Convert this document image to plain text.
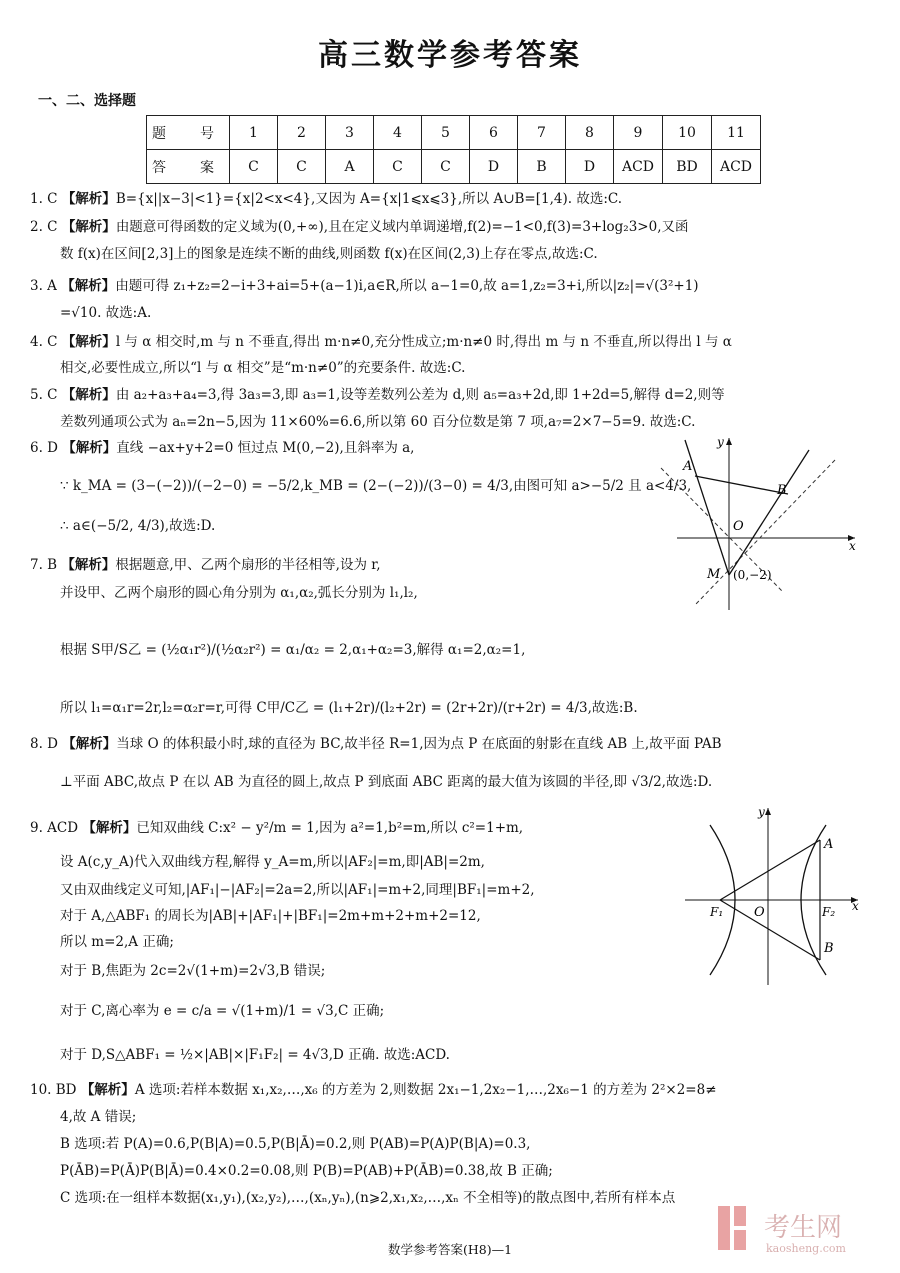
高三数学参考答案
一、二、选择题
题　号	1	2	3	4	5	6	7	8	9	10	11
答　案	C	C	A	C	C	D	B	D	ACD	BD	ACD
1. C 【解析】B={x||x−3|<1}={x|2<x<4},又因为 A={x|1⩽x⩽3},所以 A∪B=[1,4). 故选:C.
2. C 【解析】由题意可得函数的定义域为(0,+∞),且在定义域内单调递增,f(2)=−1<0,f(3)=3+log₂3>0,又函
数 f(x)在区间[2,3]上的图象是连续不断的曲线,则函数 f(x)在区间(2,3)上存在零点,故选:C.
3. A 【解析】由题可得 z₁+z₂=2−i+3+ai=5+(a−1)i,a∈R,所以 a−1=0,故 a=1,z₂=3+i,所以|z₂|=√(3²+1)
=√10. 故选:A.
4. C 【解析】l 与 α 相交时,m 与 n 不垂直,得出 m·n≠0,充分性成立;m·n≠0 时,得出 m 与 n 不垂直,所以得出 l 与 α
相交,必要性成立,所以“l 与 α 相交”是“m·n≠0”的充要条件. 故选:C.
5. C 【解析】由 a₂+a₃+a₄=3,得 3a₃=3,即 a₃=1,设等差数列公差为 d,则 a₅=a₃+2d,即 1+2d=5,解得 d=2,则等
差数列通项公式为 aₙ=2n−5,因为 11×60%=6.6,所以第 60 百分位数是第 7 项,a₇=2×7−5=9. 故选:C.
6. D 【解析】直线 −ax+y+2=0 恒过点 M(0,−2),且斜率为 a,
∵ k_MA = (3−(−2))/(−2−0) = −5/2,k_MB = (2−(−2))/(3−0) = 4/3,由图可知 a>−5/2 且 a<4/3,
∴ a∈(−5/2, 4/3),故选:D.
7. B 【解析】根据题意,甲、乙两个扇形的半径相等,设为 r,
并设甲、乙两个扇形的圆心角分别为 α₁,α₂,弧长分别为 l₁,l₂,
根据 S甲/S乙 = (½α₁r²)/(½α₂r²) = α₁/α₂ = 2,α₁+α₂=3,解得 α₁=2,α₂=1,
所以 l₁=α₁r=2r,l₂=α₂r=r,可得 C甲/C乙 = (l₁+2r)/(l₂+2r) = (2r+2r)/(r+2r) = 4/3,故选:B.
8. D 【解析】当球 O 的体积最小时,球的直径为 BC,故半径 R=1,因为点 P 在底面的射影在直线 AB 上,故平面 PAB
⊥平面 ABC,故点 P 在以 AB 为直径的圆上,故点 P 到底面 ABC 距离的最大值为该圆的半径,即 √3/2,故选:D.
9. ACD 【解析】已知双曲线 C:x² − y²/m = 1,因为 a²=1,b²=m,所以 c²=1+m,
设 A(c,y_A)代入双曲线方程,解得 y_A=m,所以|AF₂|=m,即|AB|=2m,
又由双曲线定义可知,|AF₁|−|AF₂|=2a=2,所以|AF₁|=m+2,同理|BF₁|=m+2,
对于 A,△ABF₁ 的周长为|AB|+|AF₁|+|BF₁|=2m+m+2+m+2=12,
所以 m=2,A 正确;
对于 B,焦距为 2c=2√(1+m)=2√3,B 错误;
对于 C,离心率为 e = c/a = √(1+m)/1 = √3,C 正确;
对于 D,S△ABF₁ = ½×|AB|×|F₁F₂| = 4√3,D 正确. 故选:ACD.
10. BD 【解析】A 选项:若样本数据 x₁,x₂,…,x₆ 的方差为 2,则数据 2x₁−1,2x₂−1,…,2x₆−1 的方差为 2²×2=8≠
4,故 A 错误;
B 选项:若 P(A)=0.6,P(B|A)=0.5,P(B|Ā)=0.2,则 P(AB)=P(A)P(B|A)=0.3,
P(ĀB)=P(Ā)P(B|Ā)=0.4×0.2=0.08,则 P(B)=P(AB)+P(ĀB)=0.38,故 B 正确;
C 选项:在一组样本数据(x₁,y₁),(x₂,y₂),…,(xₙ,yₙ),(n⩾2,x₁,x₂,…,xₙ 不全相等)的散点图中,若所有样本点
A
B
O
M (0,−2)
y
x
A
B
O
F₁	F₂
y
x
考生网
kaosheng.com
数学参考答案(H8)—1
